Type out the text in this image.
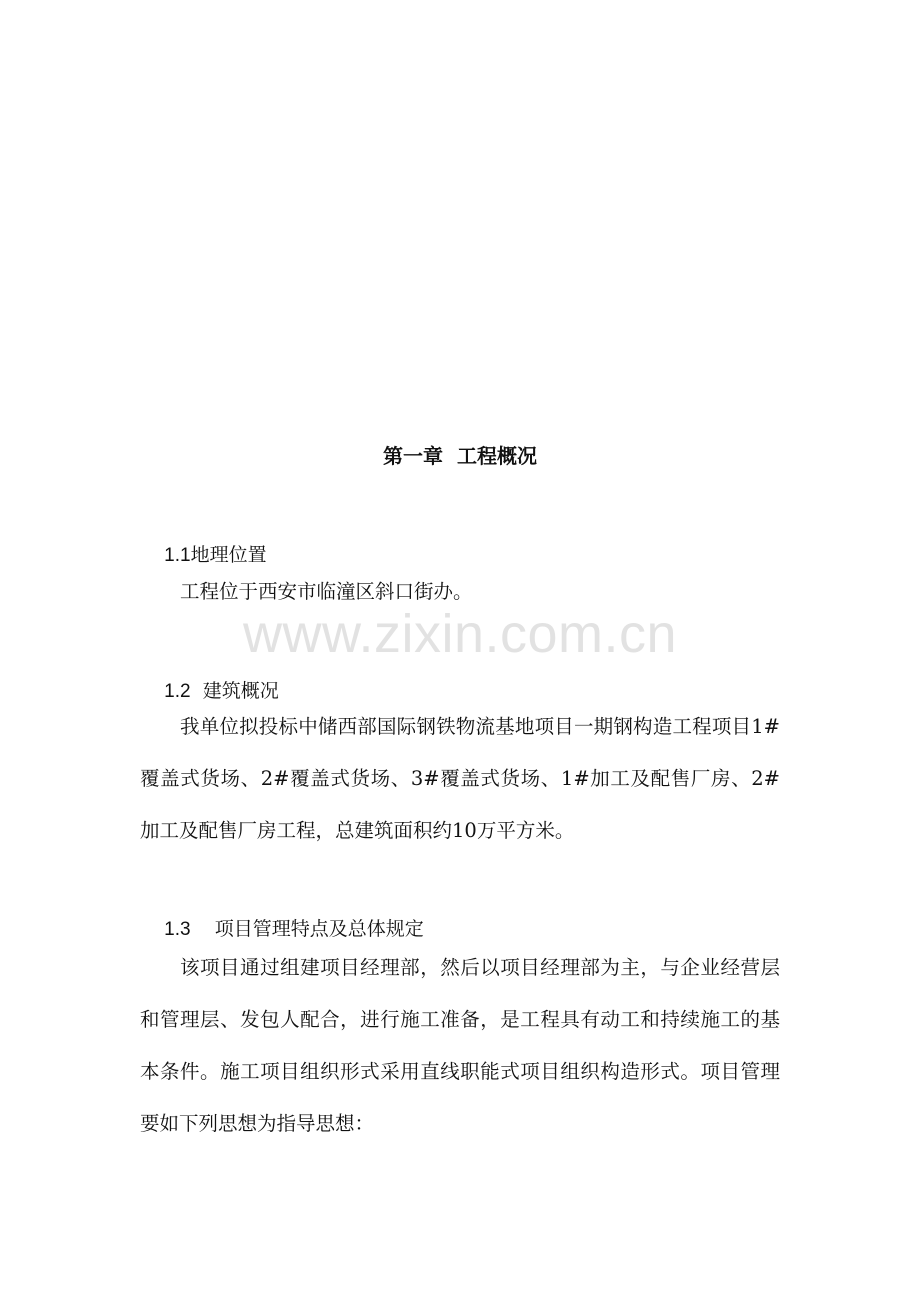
第一章  工程概况

1.1地理位置

工程位于西安市临潼区斜口街办。

1.2 建筑概况

我单位拟投标中储西部国际钢铁物流基地项目一期钢构造工程项目1#覆盖式货场、2#覆盖式货场、3#覆盖式货场、1#加工及配售厂房、2#加工及配售厂房工程，总建筑面积约10万平方米。

1.3 项目管理特点及总体规定

该项目通过组建项目经理部，然后以项目经理部为主，与企业经营层和管理层、发包人配合，进行施工准备，是工程具有动工和持续施工的基本条件。施工项目组织形式采用直线职能式项目组织构造形式。项目管理要如下列思想为指导思想：

www.zixin.com.cn
